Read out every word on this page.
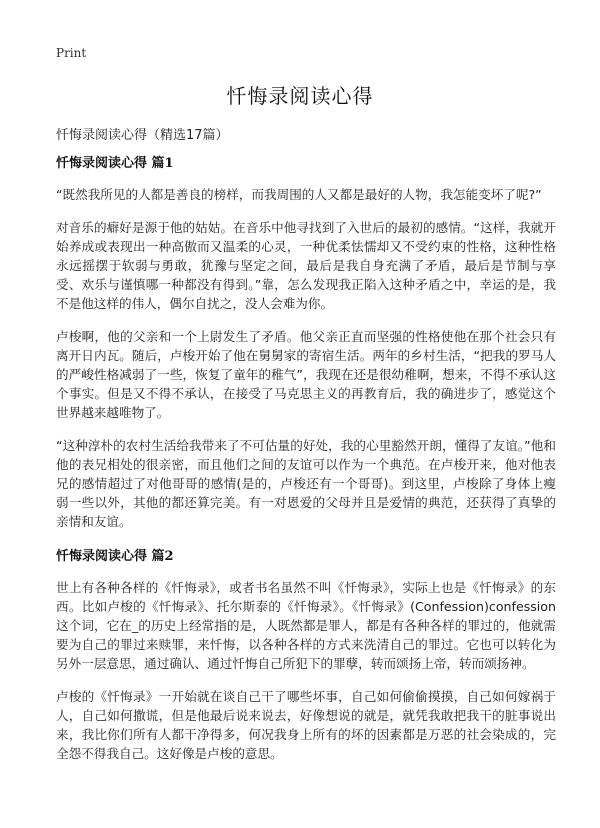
Print
忏悔录阅读心得
忏悔录阅读心得（精选17篇）
忏悔录阅读心得 篇1

“既然我所见的人都是善良的榜样，而我周围的人又都是最好的人物，我怎能变坏了呢?”

对音乐的癖好是源于他的姑姑。在音乐中他寻找到了入世后的最初的感情。“这样，我就开始养成或表现出一种高傲而又温柔的心灵，一种优柔怯懦却又不受约束的性格，这种性格永远摇摆于软弱与勇敢，犹豫与坚定之间，最后是我自身充满了矛盾，最后是节制与享受、欢乐与谨慎哪一种都没有得到。”靠，怎么发现我正陷入这种矛盾之中，幸运的是，我不是他这样的伟人，偶尔自扰之，没人会难为你。

卢梭啊，他的父亲和一个上尉发生了矛盾。他父亲正直而坚强的性格使他在那个社会只有离开日内瓦。随后，卢梭开始了他在舅舅家的寄宿生活。两年的乡村生活，“把我的罗马人的严峻性格减弱了一些，恢复了童年的稚气”，我现在还是很幼稚啊，想来，不得不承认这个事实。但是又不得不承认，在接受了马克思主义的再教育后，我的确进步了，感觉这个世界越来越唯物了。

“这种淳朴的农村生活给我带来了不可估量的好处，我的心里豁然开朗，懂得了友谊。”他和他的表兄相处的很亲密，而且他们之间的友谊可以作为一个典范。在卢梭开来，他对他表兄的感情超过了对他哥哥的感情(是的，卢梭还有一个哥哥)。到这里，卢梭除了身体上瘦弱一些以外，其他的都还算完美。有一对恩爱的父母并且是爱情的典范，还获得了真挚的亲情和友谊。

忏悔录阅读心得 篇2

世上有各种各样的《忏悔录》，或者书名虽然不叫《忏悔录》，实际上也是《忏悔录》的东西。比如卢梭的《忏悔录》、托尔斯泰的《忏悔录》。《忏悔录》(Confession)confession 这个词，它在_的历史上经常指的是，人既然都是罪人，都是有各种各样的罪过的，他就需要为自己的罪过来赎罪，来忏悔，以各种各样的方式来洗清自己的罪过。它也可以转化为另外一层意思，通过确认、通过忏悔自己所犯下的罪孽，转而颂扬上帝，转而颂扬神。

卢梭的《忏悔录》一开始就在谈自己干了哪些坏事，自己如何偷偷摸摸，自己如何嫁祸于人，自己如何撒谎，但是他最后说来说去，好像想说的就是，就凭我敢把我干的脏事说出来，我比你们所有人都干净得多，何况我身上所有的坏的因素都是万恶的社会染成的，完全怨不得我自己。这好像是卢梭的意思。
